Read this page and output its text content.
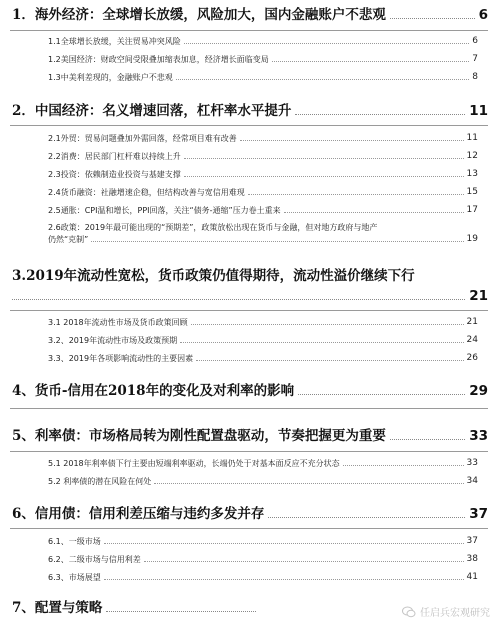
1．海外经济：全球增长放缓，风险加大，国内金融账户不悲观	6
1.1全球增长放缓，关注贸易冲突风险	6
1.2美国经济：财政空间受限叠加缩表加息，经济增长面临变局	7
1.3中美利差现的，金融账户不悲观	8
2．中国经济：名义增速回落，杠杆率水平提升	11
2.1外贸：贸易问题叠加外需回落，经常项目难有改善	11
2.2消费：居民部门杠杆难以持续上升	12
2.3投资：依赖制造业投资与基建支撑	13
2.4货币融资：社融增速企稳，但结构改善与宽信用难现	15
2.5通胀：CPI温和增长，PPI回落，关注“债务-通缩”压力卷土重来	17
2.6政策：2019年最可能出现的“预期差”，政策放松出现在货币与金融，但对地方政府与地产
仍然“克制”	19
3.2019年流动性宽松，货币政策仍值得期待，流动性溢价继续下行
21
3.1 2018年流动性市场及货币政策回顾	21
3.2、2019年流动性市场及政策预期	24
3.3、2019年各项影响流动性的主要因素	26
4、货币-信用在2018年的变化及对利率的影响	29
5、利率债：市场格局转为刚性配置盘驱动，节奏把握更为重要	33
5.1 2018年利率债下行主要由短端利率驱动，长端仍处于对基本面反应不充分状态	33
5.2 利率债的潜在风险在何处	34
6、信用债：信用利差压缩与违约多发并存	37
6.1、一级市场	37
6.2、二级市场与信用利差	38
6.3、市场展望	41
7、配置与策略	任启兵宏观研究
